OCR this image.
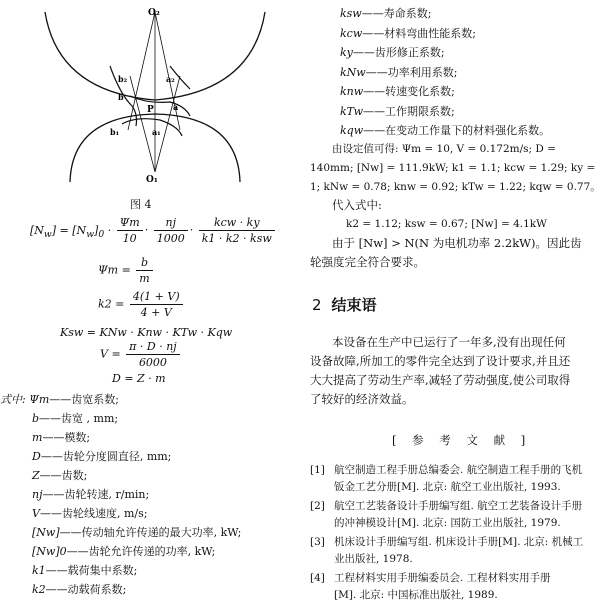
O₂
O₁
P
b₂	a₂
b
a
b₁	a₁
图 4
$[N_w] = [N_w]_0 \cdot \frac{\Psi m}{10} \cdot \frac{nj}{1000} \cdot \frac{\text{kcw · ky}}{\text{k1 · k2 · ksw}}$
$\Psi m = \frac{b}{m}$
$k2 = \frac{4(1 + V)}{4 + V}$
Ksw = KNw · Knw · KTw · Kqw
$V = \frac{\pi \cdot D \cdot nj}{6000}$
D = Z · m
式中: Ψm——齿宽系数;
b——齿宽 , mm;
m——模数;
D——齿轮分度圆直径, mm;
Z——齿数;
nj——齿轮转速, r/min;
V——齿轮线速度, m/s;
[Nw]——传动轴允许传递的最大功率, kW;
[Nw]0——齿轮允许传递的功率, kW;
k1——载荷集中系数;
k2——动载荷系数;
ksw——寿命系数;
kcw——材料弯曲性能系数;
ky——齿形修正系数;
kNw——功率利用系数;
knw——转速变化系数;
kTw——工作期限系数;
kqw——在变动工作量下的材料强化系数。
由设定值可得: Ψm = 10, V = 0.172m/s; D =
140mm; [Nw] = 111.9kW; k1 = 1.1; kcw = 1.29; ky =
1; kNw = 0.78; knw = 0.92; kTw = 1.22; kqw = 0.77。
代入式中:
k2 = 1.12; ksw = 0.67; [Nw] = 4.1kW
由于 [Nw] > N(N 为电机功率 2.2kW)。因此齿
轮强度完全符合要求。
2 结束语
本设备在生产中已运行了一年多,没有出现任何
设备故障,所加工的零件完全达到了设计要求,并且还
大大提高了劳动生产率,减轻了劳动强度,使公司取得
了较好的经济效益。
[ 参 考 文 献 ]
[1] 航空制造工程手册总编委会. 航空制造工程手册的飞机
钣金工艺分册[M]. 北京: 航空工业出版社, 1993.
[2] 航空工艺装备设计手册编写组. 航空工艺装备设计手册
的冲神模设计[M]. 北京: 国防工业出版社, 1979.
[3] 机床设计手册编写组. 机床设计手册[M]. 北京: 机械工
业出版社, 1978.
[4] 工程材料实用手册编委员会. 工程材料实用手册
[M]. 北京: 中国标准出版社, 1989.
